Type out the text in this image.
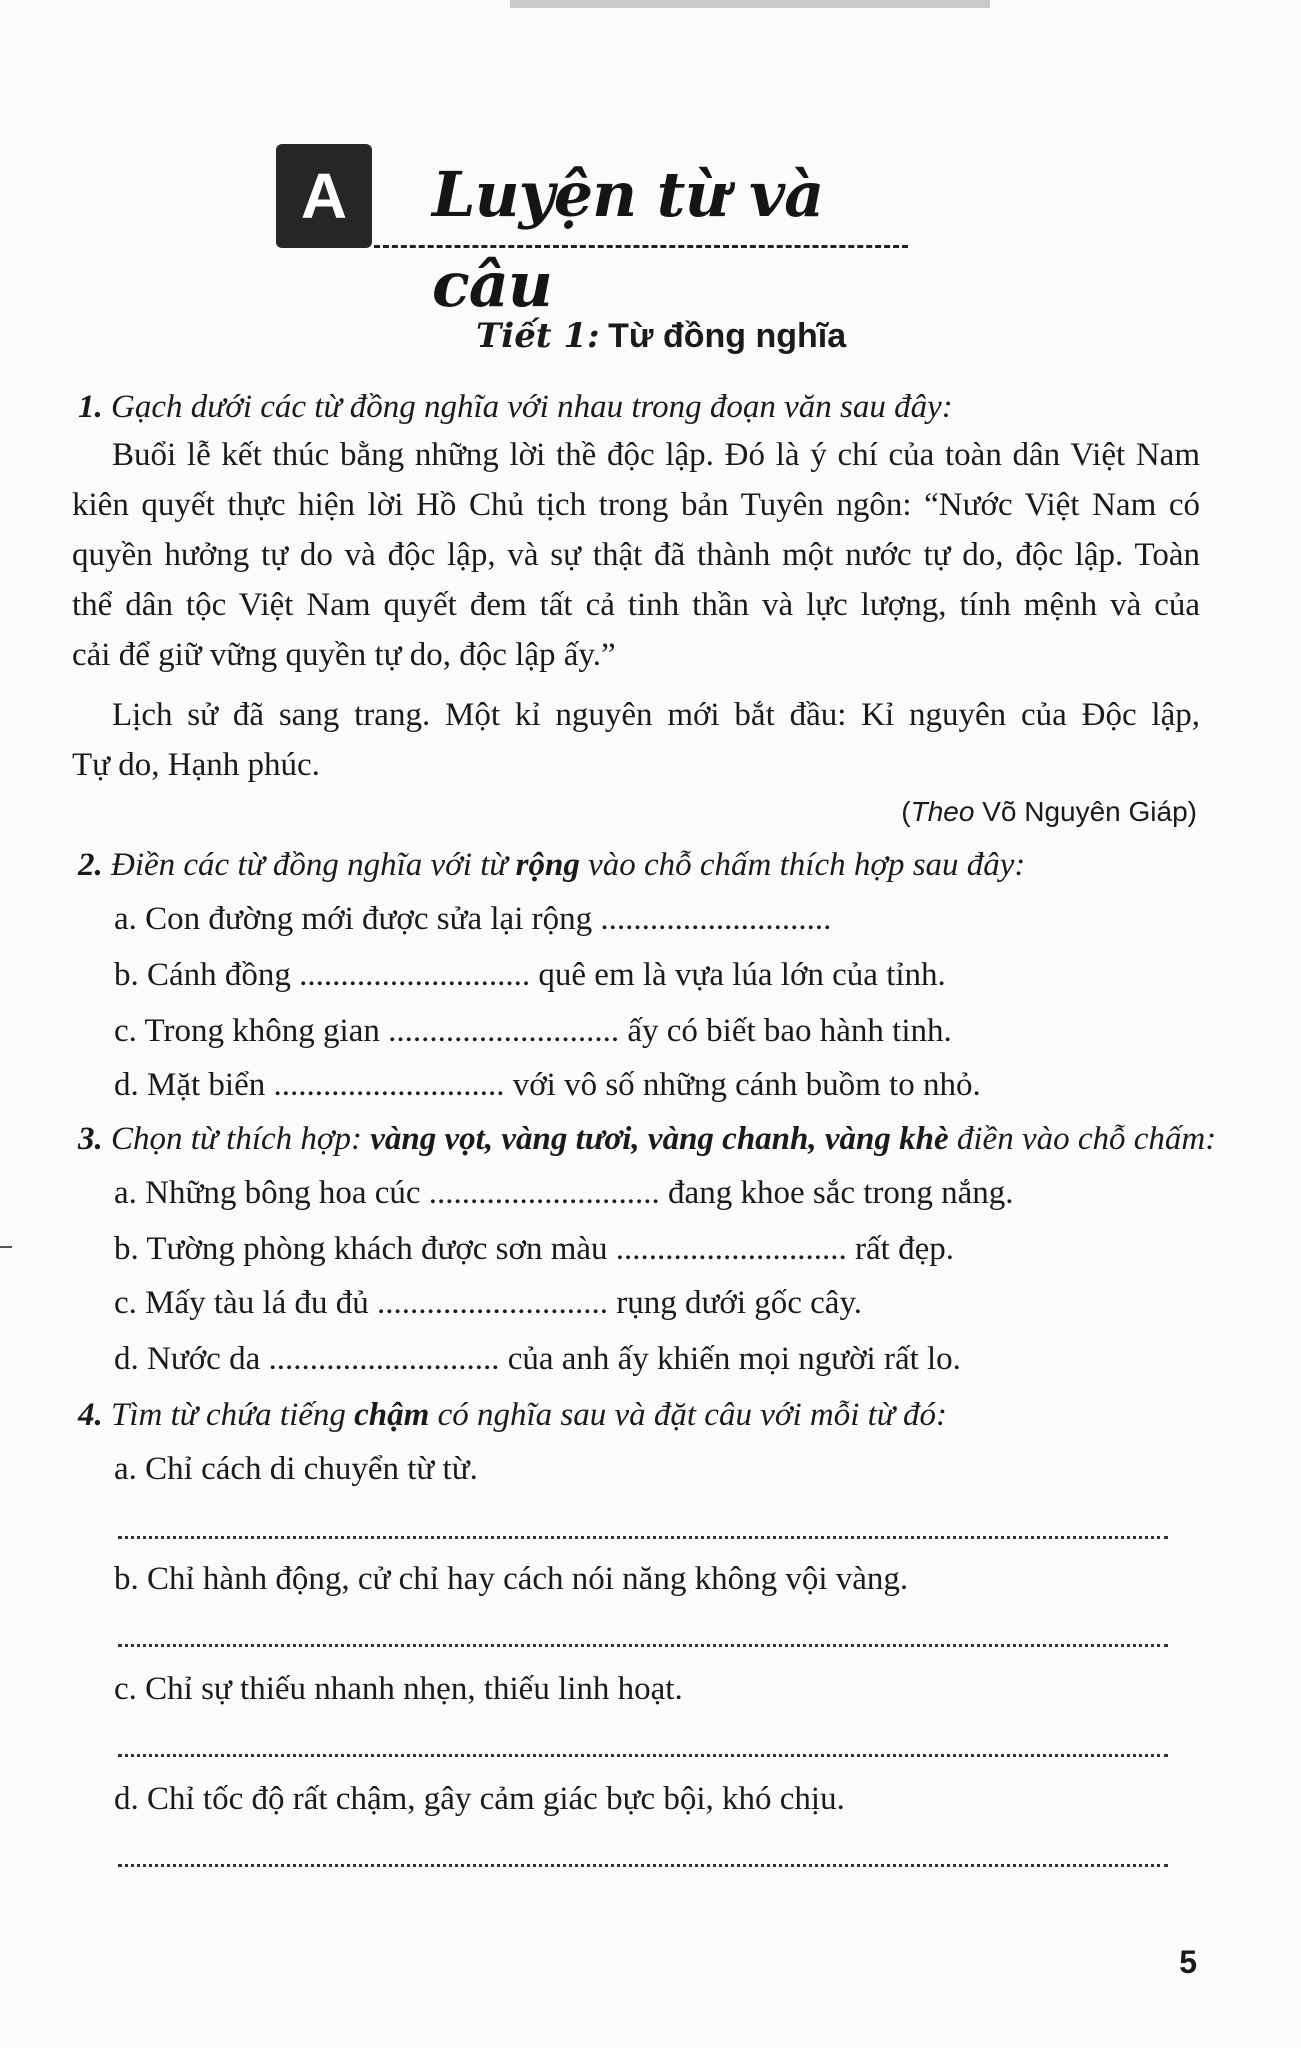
A	Luyện từ và câu
Tiết 1: Từ đồng nghĩa
1. Gạch dưới các từ đồng nghĩa với nhau trong đoạn văn sau đây:
Buổi lễ kết thúc bằng những lời thề độc lập. Đó là ý chí của toàn dân Việt Nam
kiên quyết thực hiện lời Hồ Chủ tịch trong bản Tuyên ngôn: “Nước Việt Nam có
quyền hưởng tự do và độc lập, và sự thật đã thành một nước tự do, độc lập. Toàn
thể dân tộc Việt Nam quyết đem tất cả tinh thần và lực lượng, tính mệnh và của
cải để giữ vững quyền tự do, độc lập ấy.”
Lịch sử đã sang trang. Một kỉ nguyên mới bắt đầu: Kỉ nguyên của Độc lập,
Tự do, Hạnh phúc.
(Theo Võ Nguyên Giáp)
2. Điền các từ đồng nghĩa với từ rộng vào chỗ chấm thích hợp sau đây:
a. Con đường mới được sửa lại rộng ............................
b. Cánh đồng ............................ quê em là vựa lúa lớn của tỉnh.
c. Trong không gian ............................ ấy có biết bao hành tinh.
d. Mặt biển ............................ với vô số những cánh buồm to nhỏ.
3. Chọn từ thích hợp: vàng vọt, vàng tươi, vàng chanh, vàng khè điền vào chỗ chấm:
a. Những bông hoa cúc ............................ đang khoe sắc trong nắng.
b. Tường phòng khách được sơn màu ............................ rất đẹp.
c. Mấy tàu lá đu đủ ............................ rụng dưới gốc cây.
d. Nước da ............................ của anh ấy khiến mọi người rất lo.
4. Tìm từ chứa tiếng chậm có nghĩa sau và đặt câu với mỗi từ đó:
a. Chỉ cách di chuyển từ từ.
b. Chỉ hành động, cử chỉ hay cách nói năng không vội vàng.
c. Chỉ sự thiếu nhanh nhẹn, thiếu linh hoạt.
d. Chỉ tốc độ rất chậm, gây cảm giác bực bội, khó chịu.
5
